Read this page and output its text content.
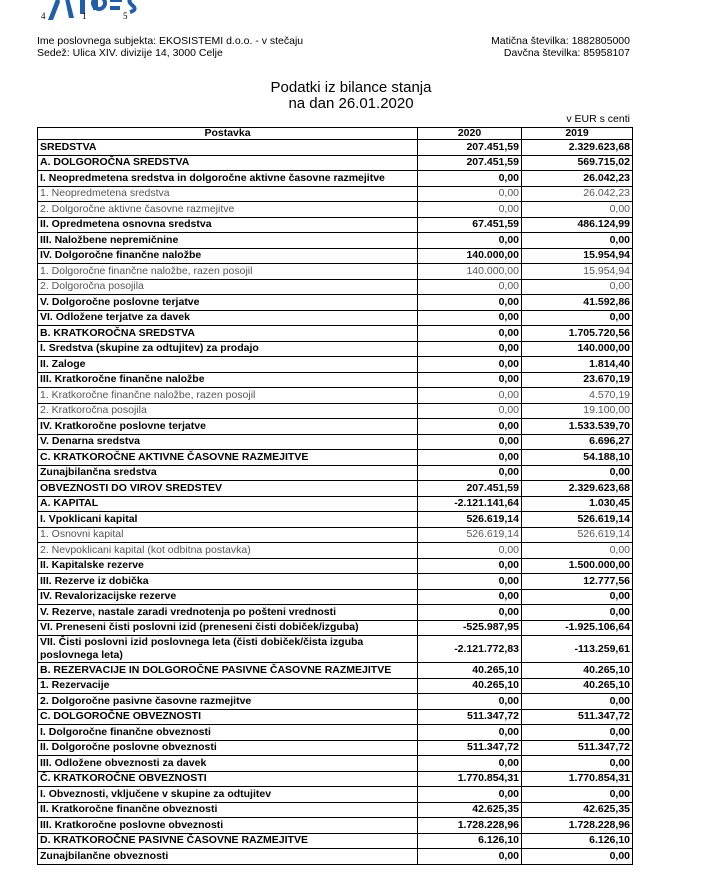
4	1	5
Ime poslovnega subjekta: EKOSISTEMI d.o.o. - v stečaju
Sedež: Ulica XIV. divizije 14, 3000 Celje
Matična številka: 1882805000
Davčna številka: 85958107
Podatki iz bilance stanja
na dan 26.01.2020
v EUR s centi
Postavka	2020	2019
SREDSTVA	207.451,59	2.329.623,68
A. DOLGOROČNA SREDSTVA	207.451,59	569.715,02
I. Neopredmetena sredstva in dolgoročne aktivne časovne razmejitve	0,00	26.042,23
1. Neopredmetena sredstva	0,00	26.042,23
2. Dolgoročne aktivne časovne razmejitve	0,00	0,00
II. Opredmetena osnovna sredstva	67.451,59	486.124,99
III. Naložbene nepremičnine	0,00	0,00
IV. Dolgoročne finančne naložbe	140.000,00	15.954,94
1. Dolgoročne finančne naložbe, razen posojil	140.000,00	15.954,94
2. Dolgoročna posojila	0,00	0,00
V. Dolgoročne poslovne terjatve	0,00	41.592,86
VI. Odložene terjatve za davek	0,00	0,00
B. KRATKOROČNA SREDSTVA	0,00	1.705.720,56
I. Sredstva (skupine za odtujitev) za prodajo	0,00	140.000,00
II. Zaloge	0,00	1.814,40
III. Kratkoročne finančne naložbe	0,00	23.670,19
1. Kratkoročne finančne naložbe, razen posojil	0,00	4.570,19
2. Kratkoročna posojila	0,00	19.100,00
IV. Kratkoročne poslovne terjatve	0,00	1.533.539,70
V. Denarna sredstva	0,00	6.696,27
C. KRATKOROČNE AKTIVNE ČASOVNE RAZMEJITVE	0,00	54.188,10
Zunajbilančna sredstva	0,00	0,00
OBVEZNOSTI DO VIROV SREDSTEV	207.451,59	2.329.623,68
A. KAPITAL	-2.121.141,64	1.030,45
I. Vpoklicani kapital	526.619,14	526.619,14
1. Osnovni kapital	526.619,14	526.619,14
2. Nevpoklicani kapital (kot odbitna postavka)	0,00	0,00
II. Kapitalske rezerve	0,00	1.500.000,00
III. Rezerve iz dobička	0,00	12.777,56
IV. Revalorizacijske rezerve	0,00	0,00
V. Rezerve, nastale zaradi vrednotenja po pošteni vrednosti	0,00	0,00
VI. Preneseni čisti poslovni izid (preneseni čisti dobiček/izguba)	-525.987,95	-1.925.106,64
VII. Čisti poslovni izid poslovnega leta (čisti dobiček/čista izguba poslovnega leta)	-2.121.772,83	-113.259,61
B. REZERVACIJE IN DOLGOROČNE PASIVNE ČASOVNE RAZMEJITVE	40.265,10	40.265,10
1. Rezervacije	40.265,10	40.265,10
2. Dolgoročne pasivne časovne razmejitve	0,00	0,00
C. DOLGOROČNE OBVEZNOSTI	511.347,72	511.347,72
I. Dolgoročne finančne obveznosti	0,00	0,00
II. Dolgoročne poslovne obveznosti	511.347,72	511.347,72
III. Odložene obveznosti za davek	0,00	0,00
Č. KRATKOROČNE OBVEZNOSTI	1.770.854,31	1.770.854,31
I. Obveznosti, vključene v skupine za odtujitev	0,00	0,00
II. Kratkoročne finančne obveznosti	42.625,35	42.625,35
III. Kratkoročne poslovne obveznosti	1.728.228,96	1.728.228,96
D. KRATKOROČNE PASIVNE ČASOVNE RAZMEJITVE	6.126,10	6.126,10
Zunajbilančne obveznosti	0,00	0,00
